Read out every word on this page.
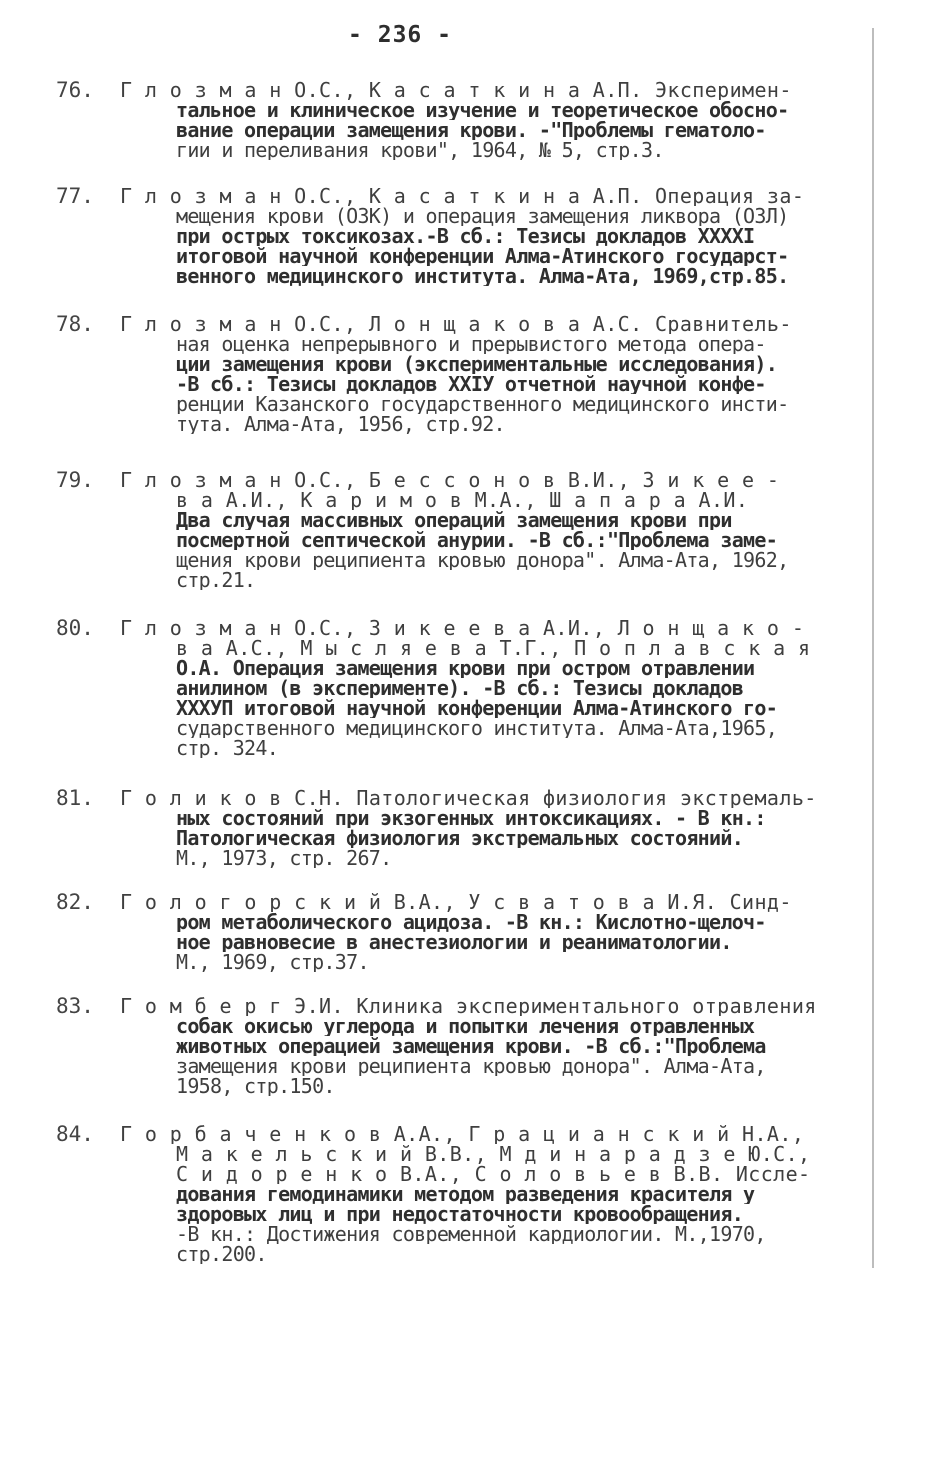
- 236 -
76.	Г л о з м а н О.С., К а с а т к и н а А.П. Эксперимен-
тальное и клиническое изучение и теоретическое обосно-
вание операции замещения крови. -"Проблемы гематоло-
гии и переливания крови", 1964, № 5, стр.3.
77.	Г л о з м а н О.С., К а с а т к и н а А.П. Операция за-
мещения крови (ОЗК) и операция замещения ликвора (ОЗЛ)
при острых токсикозах.-В сб.: Тезисы докладов ХХХХI
итоговой научной конференции Алма-Атинского государст-
венного медицинского института. Алма-Ата, 1969,стр.85.
78.	Г л о з м а н О.С., Л о н щ а к о в а А.С. Сравнитель-
ная оценка непрерывного и прерывистого метода опера-
ции замещения крови (экспериментальные исследования).
-В сб.: Тезисы докладов ХХIУ отчетной научной конфе-
ренции Казанского государственного медицинского инсти-
тута. Алма-Ата, 1956, стр.92.
79.	Г л о з м а н О.С., Б е с с о н о в В.И., З и к е е -
в а А.И., К а р и м о в М.А., Ш а п а р а А.И.
Два случая массивных операций замещения крови при
посмертной септической анурии. -В сб.:"Проблема заме-
щения крови реципиента кровью донора". Алма-Ата, 1962,
стр.21.
80.	Г л о з м а н О.С., З и к е е в а А.И., Л о н щ а к о -
в а А.С., М ы с л я е в а Т.Г., П о п л а в с к а я
О.А. Операция замещения крови при остром отравлении
анилином (в эксперименте). -В сб.: Тезисы докладов
ХХХУП итоговой научной конференции Алма-Атинского го-
сударственного медицинского института. Алма-Ата,1965,
стр. 324.
81.	Г о л и к о в С.Н. Патологическая физиология экстремаль-
ных состояний при экзогенных интоксикациях. - В кн.:
Патологическая физиология экстремальных состояний.
М., 1973, стр. 267.
82.	Г о л о г о р с к и й В.А., У с в а т о в а И.Я. Синд-
ром метаболического ацидоза. -В кн.: Кислотно-щелоч-
ное равновесие в анестезиологии и реаниматологии.
М., 1969, стр.37.
83.	Г о м б е р г Э.И. Клиника экспериментального отравления
собак окисью углерода и попытки лечения отравленных
животных операцией замещения крови. -В сб.:"Проблема
замещения крови реципиента кровью донора". Алма-Ата,
1958, стр.150.
84.	Г о р б а ч е н к о в А.А., Г р а ц и а н с к и й Н.А.,
М а к е л ь с к и й В.В., М д и н а р а д з е Ю.С.,
С и д о р е н к о В.А., С о л о в ь е в В.В. Иссле-
дования гемодинамики методом разведения красителя у
здоровых лиц и при недостаточности кровообращения.
-В кн.: Достижения современной кардиологии. М.,1970,
стр.200.
